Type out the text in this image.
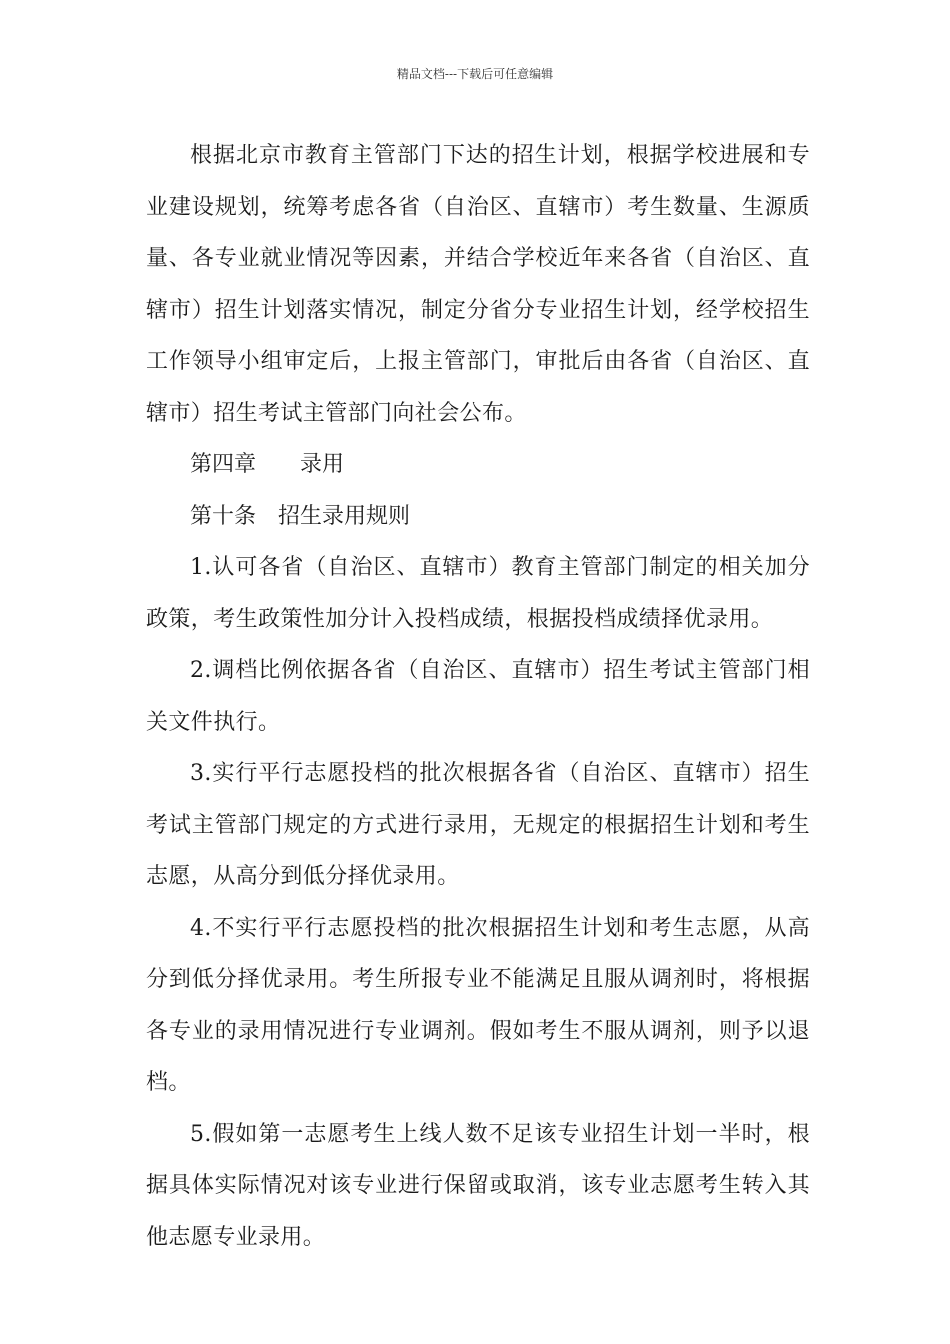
精品文档---下载后可任意编辑

根据北京市教育主管部门下达的招生计划，根据学校进展和专业建设规划，统筹考虑各省（自治区、直辖市）考生数量、生源质量、各专业就业情况等因素，并结合学校近年来各省（自治区、直辖市）招生计划落实情况，制定分省分专业招生计划，经学校招生工作领导小组审定后，上报主管部门，审批后由各省（自治区、直辖市）招生考试主管部门向社会公布。

第四章　　录用

第十条　招生录用规则

1.认可各省（自治区、直辖市）教育主管部门制定的相关加分政策，考生政策性加分计入投档成绩，根据投档成绩择优录用。

2.调档比例依据各省（自治区、直辖市）招生考试主管部门相关文件执行。

3.实行平行志愿投档的批次根据各省（自治区、直辖市）招生考试主管部门规定的方式进行录用，无规定的根据招生计划和考生志愿，从高分到低分择优录用。

4.不实行平行志愿投档的批次根据招生计划和考生志愿，从高分到低分择优录用。考生所报专业不能满足且服从调剂时，将根据各专业的录用情况进行专业调剂。假如考生不服从调剂，则予以退档。

5.假如第一志愿考生上线人数不足该专业招生计划一半时，根据具体实际情况对该专业进行保留或取消，该专业志愿考生转入其他志愿专业录用。
